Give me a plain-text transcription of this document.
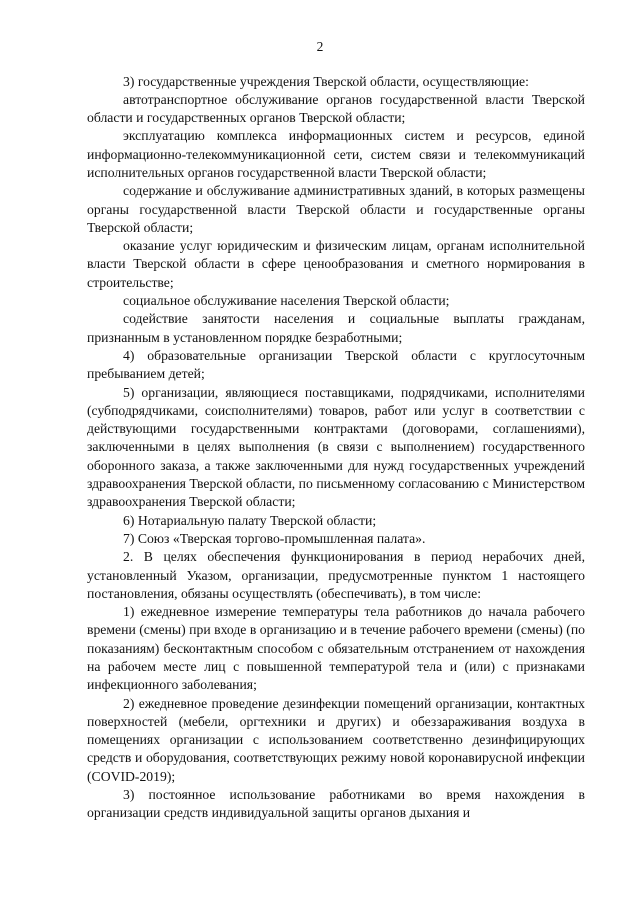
2

3) государственные учреждения Тверской области, осуществляющие:

автотранспортное обслуживание органов государственной власти Тверской области и государственных органов Тверской области;

эксплуатацию комплекса информационных систем и ресурсов, единой информационно-телекоммуникационной сети, систем связи и телекоммуникаций исполнительных органов государственной власти Тверской области;

содержание и обслуживание административных зданий, в которых размещены органы государственной власти Тверской области и государственные органы Тверской области;

оказание услуг юридическим и физическим лицам, органам исполнительной власти Тверской области в сфере ценообразования и сметного нормирования в строительстве;

социальное обслуживание населения Тверской области;

содействие занятости населения и социальные выплаты гражданам, признанным в установленном порядке безработными;

4) образовательные организации Тверской области с круглосуточным пребыванием детей;

5) организации, являющиеся поставщиками, подрядчиками, исполнителями (субподрядчиками, соисполнителями) товаров, работ или услуг в соответствии с действующими государственными контрактами (договорами, соглашениями), заключенными в целях выполнения (в связи с выполнением) государственного оборонного заказа, а также заключенными для нужд государственных учреждений здравоохранения Тверской области, по письменному согласованию с Министерством здравоохранения Тверской области;

6) Нотариальную палату Тверской области;

7) Союз «Тверская торгово-промышленная палата».

2. В целях обеспечения функционирования в период нерабочих дней, установленный Указом, организации, предусмотренные пунктом 1 настоящего постановления, обязаны осуществлять (обеспечивать), в том числе:

1) ежедневное измерение температуры тела работников до начала рабочего времени (смены) при входе в организацию и в течение рабочего времени (смены) (по показаниям) бесконтактным способом с обязательным отстранением от нахождения на рабочем месте лиц с повышенной температурой тела и (или) с признаками инфекционного заболевания;

2) ежедневное проведение дезинфекции помещений организации, контактных поверхностей (мебели, оргтехники и других) и обеззараживания воздуха в помещениях организации с использованием соответственно дезинфицирующих средств и оборудования, соответствующих режиму новой коронавирусной инфекции (COVID-2019);

3) постоянное использование работниками во время нахождения в организации средств индивидуальной защиты органов дыхания и
